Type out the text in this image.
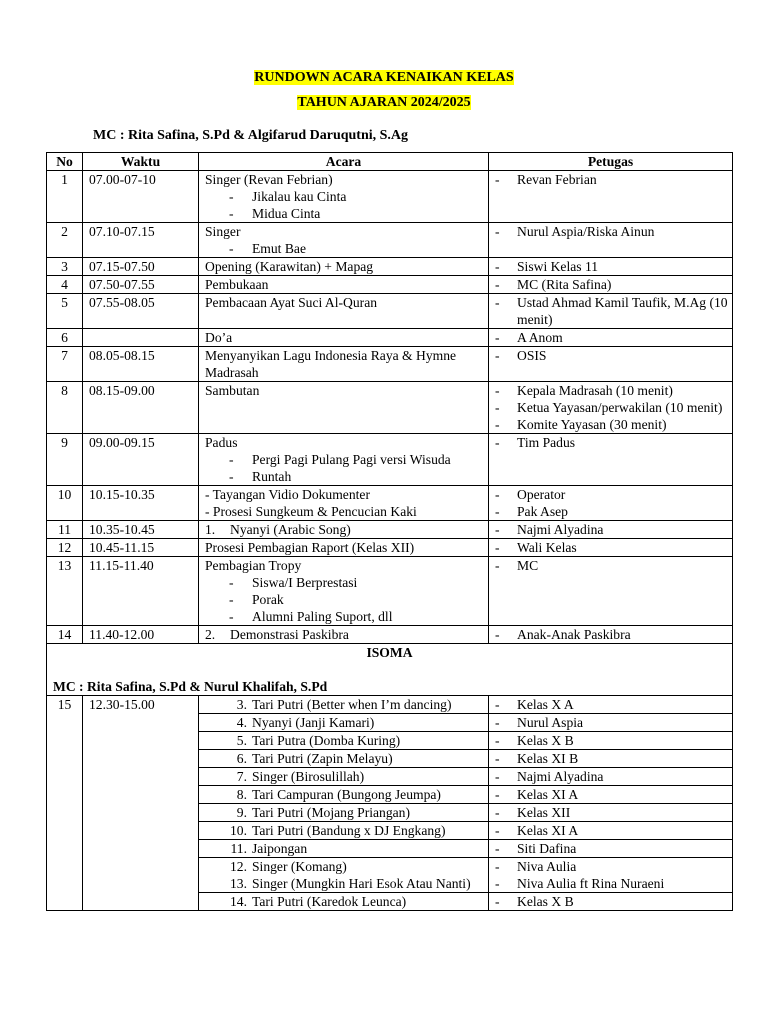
RUNDOWN ACARA KENAIKAN KELAS
TAHUN AJARAN 2024/2025
MC : Rita Safina, S.Pd & Algifarud Daruqutni, S.Ag
No	Waktu	Acara	Petugas
1	07.00-07-10	Singer (Revan Febrian)
- Jikalau kau Cinta
- Midua Cinta	- Revan Febrian

2	07.10-07.15	Singer
- Emut Bae	- Nurul Aspia/Riska Ainun

3	07.15-07.50	Opening (Karawitan) + Mapag	- Siswi Kelas 11

4	07.50-07.55	Pembukaan	- MC (Rita Safina)

5	07.55-08.05	Pembacaan Ayat Suci Al-Quran	- Ustad Ahmad Kamil Taufik, M.Ag (10 menit)

6		Do’a	- A Anom

7	08.05-08.15	Menyanyikan Lagu Indonesia Raya & Hymne Madrasah	- OSIS

8	08.15-09.00	Sambutan	- Kepala Madrasah (10 menit)
- Ketua Yayasan/perwakilan (10 menit)
- Komite Yayasan (30 menit)

9	09.00-09.15	Padus
- Pergi Pagi Pulang Pagi versi Wisuda
- Runtah	- Tim Padus

10	10.15-10.35	- Tayangan Vidio Dokumenter
- Prosesi Sungkeum & Pencucian Kaki	- Operator
- Pak Asep

11	10.35-10.45	1. Nyanyi (Arabic Song)	- Najmi Alyadina

12	10.45-11.15	Prosesi Pembagian Raport (Kelas XII)	- Wali Kelas

13	11.15-11.40	Pembagian Tropy
- Siswa/I Berprestasi
- Porak
- Alumni Paling Suport, dll	- MC

14	11.40-12.00	2. Demonstrasi Paskibra	- Anak-Anak Paskibra

ISOMA
MC : Rita Safina, S.Pd & Nurul Khalifah, S.Pd			

15	12.30-15.00	3. Tari Putri (Better when I’m dancing)	- Kelas X A

		4. Nyanyi (Janji Kamari)	- Nurul Aspia

		5. Tari Putra (Domba Kuring)	- Kelas X B

		6. Tari Putri (Zapin Melayu)	- Kelas XI B

		7. Singer (Birosulillah)	- Najmi Alyadina

		8. Tari Campuran (Bungong Jeumpa)	- Kelas XI A

		9. Tari Putri (Mojang Priangan)	- Kelas XII

		10. Tari Putri (Bandung x DJ Engkang)	- Kelas XI A

		11. Jaipongan	- Siti Dafina

		12. Singer (Komang)	- Niva Aulia

		13. Singer (Mungkin Hari Esok Atau Nanti)	- Niva Aulia ft Rina Nuraeni

		14. Tari Putri (Karedok Leunca)	- Kelas X B
